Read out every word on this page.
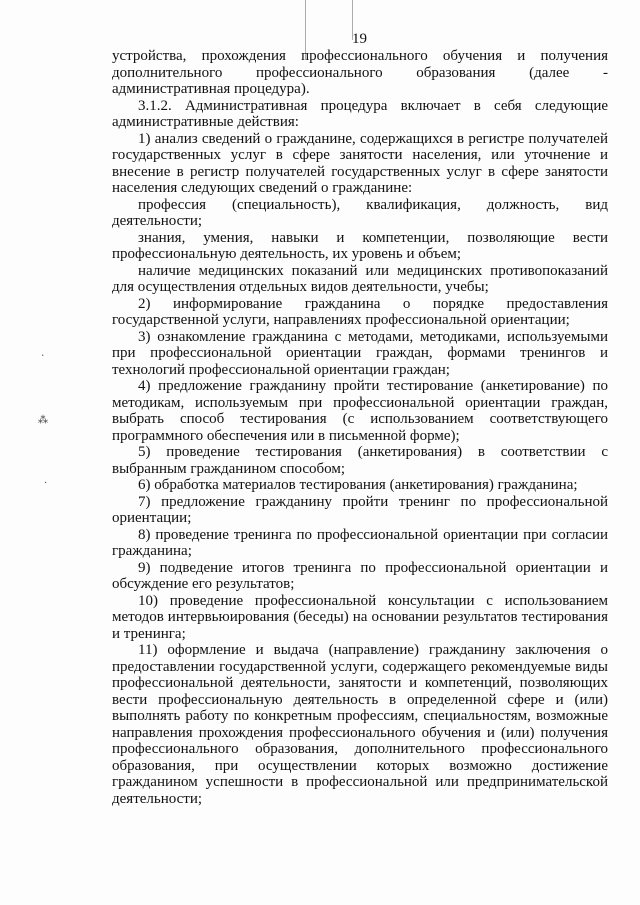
19
٠
⁂
·

устройства, прохождения профессионального обучения и получения дополнительного профессионального образования (далее - административная процедура).

3.1.2. Административная процедура включает в себя следующие административные действия:

1) анализ сведений о гражданине, содержащихся в регистре получателей государственных услуг в сфере занятости населения, или уточнение и внесение в регистр получателей государственных услуг в сфере занятости населения следующих сведений о гражданине:

профессия (специальность), квалификация, должность, вид деятельности;

знания, умения, навыки и компетенции, позволяющие вести профессиональную деятельность, их уровень и объем;

наличие медицинских показаний или медицинских противопоказаний для осуществления отдельных видов деятельности, учебы;

2) информирование гражданина о порядке предоставления государственной услуги, направлениях профессиональной ориентации;

3) ознакомление гражданина с методами, методиками, используемыми при профессиональной ориентации граждан, формами тренингов и технологий профессиональной ориентации граждан;

4) предложение гражданину пройти тестирование (анкетирование) по методикам, используемым при профессиональной ориентации граждан, выбрать способ тестирования (с использованием соответствующего программного обеспечения или в письменной форме);

5) проведение тестирования (анкетирования) в соответствии с выбранным гражданином способом;

6) обработка материалов тестирования (анкетирования) гражданина;

7) предложение гражданину пройти тренинг по профессиональной ориентации;

8) проведение тренинга по профессиональной ориентации при согласии гражданина;

9) подведение итогов тренинга по профессиональной ориентации и обсуждение его результатов;

10) проведение профессиональной консультации с использованием методов интервьюирования (беседы) на основании результатов тестирования и тренинга;

11) оформление и выдача (направление) гражданину заключения о предоставлении государственной услуги, содержащего рекомендуемые виды профессиональной деятельности, занятости и компетенций, позволяющих вести профессиональную деятельность в определенной сфере и (или) выполнять работу по конкретным профессиям, специальностям, возможные направления прохождения профессионального обучения и (или) получения профессионального образования, дополнительного профессионального образования, при осуществлении которых возможно достижение гражданином успешности в профессиональной или предпринимательской деятельности;
